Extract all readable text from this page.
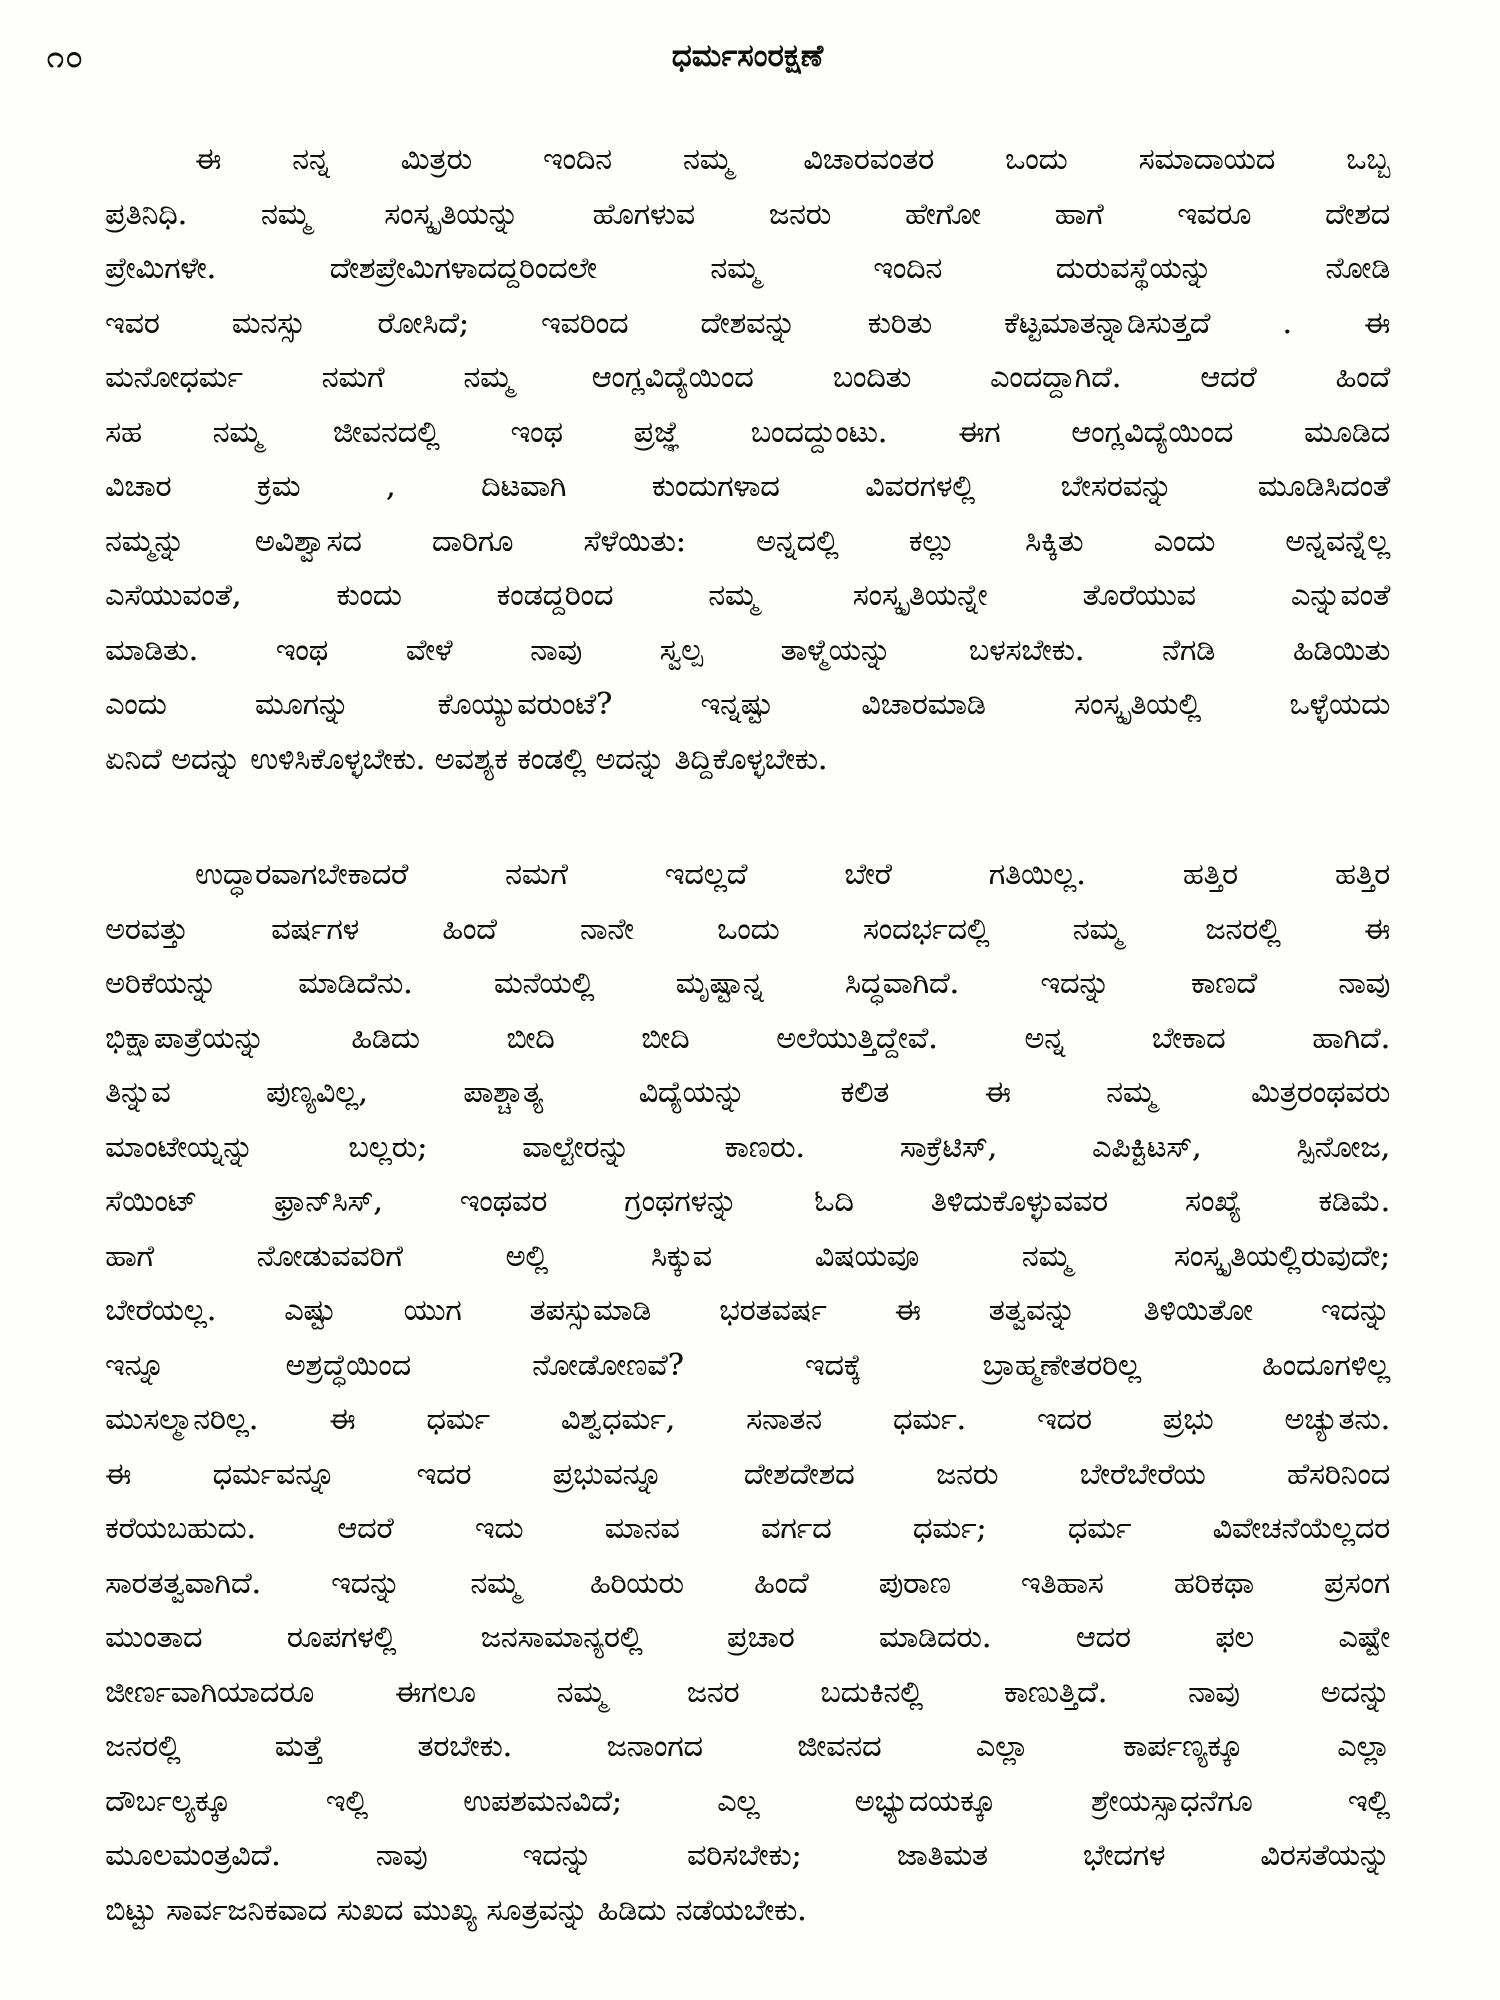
೧೦	ಧರ್ಮಸಂರಕ್ಷಣೆ
ಈ ನನ್ನ ಮಿತ್ರರು ಇಂದಿನ ನಮ್ಮ ವಿಚಾರವಂತರ ಒಂದು ಸಮಾದಾಯದ ಒಬ್ಬ
ಪ್ರತಿನಿಧಿ. ನಮ್ಮ ಸಂಸ್ಕೃತಿಯನ್ನು ಹೊಗಳುವ ಜನರು ಹೇಗೋ ಹಾಗೆ ಇವರೂ ದೇಶದ
ಪ್ರೇಮಿಗಳೇ. ದೇಶಪ್ರೇಮಿಗಳಾದದ್ದರಿಂದಲೇ ನಮ್ಮ ಇಂದಿನ ದುರುವಸ್ಥೆಯನ್ನು ನೋಡಿ
ಇವರ ಮನಸ್ಸು ರೋಸಿದೆ; ಇವರಿಂದ ದೇಶವನ್ನು ಕುರಿತು ಕೆಟ್ಟಮಾತನ್ನಾಡಿಸುತ್ತದೆ . ಈ
ಮನೋಧರ್ಮ ನಮಗೆ ನಮ್ಮ ಆಂಗ್ಲವಿದ್ಯೆಯಿಂದ ಬಂದಿತು ಎಂದದ್ದಾಗಿದೆ. ಆದರೆ ಹಿಂದೆ
ಸಹ ನಮ್ಮ ಜೀವನದಲ್ಲಿ ಇಂಥ ಪ್ರಜ್ಞೆ ಬಂದದ್ದುಂಟು. ಈಗ ಆಂಗ್ಲವಿದ್ಯೆಯಿಂದ ಮೂಡಿದ
ವಿಚಾರ ಕ್ರಮ , ದಿಟವಾಗಿ ಕುಂದುಗಳಾದ ವಿವರಗಳಲ್ಲಿ ಬೇಸರವನ್ನು ಮೂಡಿಸಿದಂತೆ
ನಮ್ಮನ್ನು ಅವಿಶ್ವಾಸದ ದಾರಿಗೂ ಸೆಳೆಯಿತು: ಅನ್ನದಲ್ಲಿ ಕಲ್ಲು ಸಿಕ್ಕಿತು ಎಂದು ಅನ್ನವನ್ನೆಲ್ಲ
ಎಸೆಯುವಂತೆ, ಕುಂದು ಕಂಡದ್ದರಿಂದ ನಮ್ಮ ಸಂಸ್ಕೃತಿಯನ್ನೇ ತೊರೆಯುವ ಎನ್ನುವಂತೆ
ಮಾಡಿತು. ಇಂಥ ವೇಳೆ ನಾವು ಸ್ವಲ್ಪ ತಾಳ್ಮೆಯನ್ನು ಬಳಸಬೇಕು. ನೆಗಡಿ ಹಿಡಿಯಿತು
ಎಂದು ಮೂಗನ್ನು ಕೊಯ್ಯುವರುಂಟೆ? ಇನ್ನಷ್ಟು ವಿಚಾರಮಾಡಿ ಸಂಸ್ಕೃತಿಯಲ್ಲಿ ಒಳ್ಳೆಯದು
ಏನಿದೆ ಅದನ್ನು ಉಳಿಸಿಕೊಳ್ಳಬೇಕು. ಅವಶ್ಯಕ ಕಂಡಲ್ಲಿ ಅದನ್ನು ತಿದ್ದಿಕೊಳ್ಳಬೇಕು.
ಉದ್ಧಾರವಾಗಬೇಕಾದರೆ ನಮಗೆ ಇದಲ್ಲದೆ ಬೇರೆ ಗತಿಯಿಲ್ಲ. ಹತ್ತಿರ ಹತ್ತಿರ
ಅರವತ್ತು ವರ್ಷಗಳ ಹಿಂದೆ ನಾನೇ ಒಂದು ಸಂದರ್ಭದಲ್ಲಿ ನಮ್ಮ ಜನರಲ್ಲಿ ಈ
ಅರಿಕೆಯನ್ನು ಮಾಡಿದೆನು. ಮನೆಯಲ್ಲಿ ಮೃಷ್ಟಾನ್ನ ಸಿದ್ಧವಾಗಿದೆ. ಇದನ್ನು ಕಾಣದೆ ನಾವು
ಭಿಕ್ಷಾಪಾತ್ರೆಯನ್ನು ಹಿಡಿದು ಬೀದಿ ಬೀದಿ ಅಲೆಯುತ್ತಿದ್ದೇವೆ. ಅನ್ನ ಬೇಕಾದ ಹಾಗಿದೆ.
ತಿನ್ನುವ ಪುಣ್ಯವಿಲ್ಲ, ಪಾಶ್ಚಾತ್ಯ ವಿದ್ಯೆಯನ್ನು ಕಲಿತ ಈ ನಮ್ಮ ಮಿತ್ರರಂಥವರು
ಮಾಂಟೇಯ್ನನ್ನು ಬಲ್ಲರು; ವಾಲ್ಟೇರನ್ನು ಕಾಣರು. ಸಾಕ್ರೆಟಿಸ್, ಎಪಿಕ್ಟಿಟಸ್, ಸ್ಪಿನೋಜ,
ಸೆಯಿಂಟ್ ಫ್ರಾನ್‌ಸಿಸ್, ಇಂಥವರ ಗ್ರಂಥಗಳನ್ನು ಓದಿ ತಿಳಿದುಕೊಳ್ಳುವವರ ಸಂಖ್ಯೆ ಕಡಿಮೆ.
ಹಾಗೆ ನೋಡುವವರಿಗೆ ಅಲ್ಲಿ ಸಿಕ್ಕುವ ವಿಷಯವೂ ನಮ್ಮ ಸಂಸ್ಕೃತಿಯಲ್ಲಿರುವುದೇ;
ಬೇರೆಯಲ್ಲ. ಎಷ್ಟು ಯುಗ ತಪಸ್ಸುಮಾಡಿ ಭರತವರ್ಷ ಈ ತತ್ವವನ್ನು ತಿಳಿಯಿತೋ ಇದನ್ನು
ಇನ್ನೂ ಅಶ್ರದ್ಧೆಯಿಂದ ನೋಡೋಣವೆ? ಇದಕ್ಕೆ ಬ್ರಾಹ್ಮಣೇತರರಿಲ್ಲ ಹಿಂದೂಗಳಿಲ್ಲ
ಮುಸಲ್ಮಾನರಿಲ್ಲ. ಈ ಧರ್ಮ ವಿಶ್ವಧರ್ಮ, ಸನಾತನ ಧರ್ಮ. ಇದರ ಪ್ರಭು ಅಚ್ಯುತನು.
ಈ ಧರ್ಮವನ್ನೂ ಇದರ ಪ್ರಭುವನ್ನೂ ದೇಶದೇಶದ ಜನರು ಬೇರೆಬೇರೆಯ ಹೆಸರಿನಿಂದ
ಕರೆಯಬಹುದು. ಆದರೆ ಇದು ಮಾನವ ವರ್ಗದ ಧರ್ಮ; ಧರ್ಮ ವಿವೇಚನೆಯೆಲ್ಲದರ
ಸಾರತತ್ವವಾಗಿದೆ. ಇದನ್ನು ನಮ್ಮ ಹಿರಿಯರು ಹಿಂದೆ ಪುರಾಣ ಇತಿಹಾಸ ಹರಿಕಥಾ ಪ್ರಸಂಗ
ಮುಂತಾದ ರೂಪಗಳಲ್ಲಿ ಜನಸಾಮಾನ್ಯರಲ್ಲಿ ಪ್ರಚಾರ ಮಾಡಿದರು. ಆದರ ಫಲ ಎಷ್ಟೇ
ಜೀರ್ಣವಾಗಿಯಾದರೂ ಈಗಲೂ ನಮ್ಮ ಜನರ ಬದುಕಿನಲ್ಲಿ ಕಾಣುತ್ತಿದೆ. ನಾವು ಅದನ್ನು
ಜನರಲ್ಲಿ ಮತ್ತೆ ತರಬೇಕು. ಜನಾಂಗದ ಜೀವನದ ಎಲ್ಲಾ ಕಾರ್ಪಣ್ಯಕ್ಕೂ ಎಲ್ಲಾ
ದೌರ್ಬಲ್ಯಕ್ಕೂ ಇಲ್ಲಿ ಉಪಶಮನವಿದೆ; ಎಲ್ಲ ಅಭ್ಯುದಯಕ್ಕೂ ಶ್ರೇಯಸ್ಸಾಧನೆಗೂ ಇಲ್ಲಿ
ಮೂಲಮಂತ್ರವಿದೆ. ನಾವು ಇದನ್ನು ವರಿಸಬೇಕು; ಜಾತಿಮತ ಭೇದಗಳ ವಿರಸತೆಯನ್ನು
ಬಿಟ್ಟು ಸಾರ್ವಜನಿಕವಾದ ಸುಖದ ಮುಖ್ಯ ಸೂತ್ರವನ್ನು ಹಿಡಿದು ನಡೆಯಬೇಕು.
